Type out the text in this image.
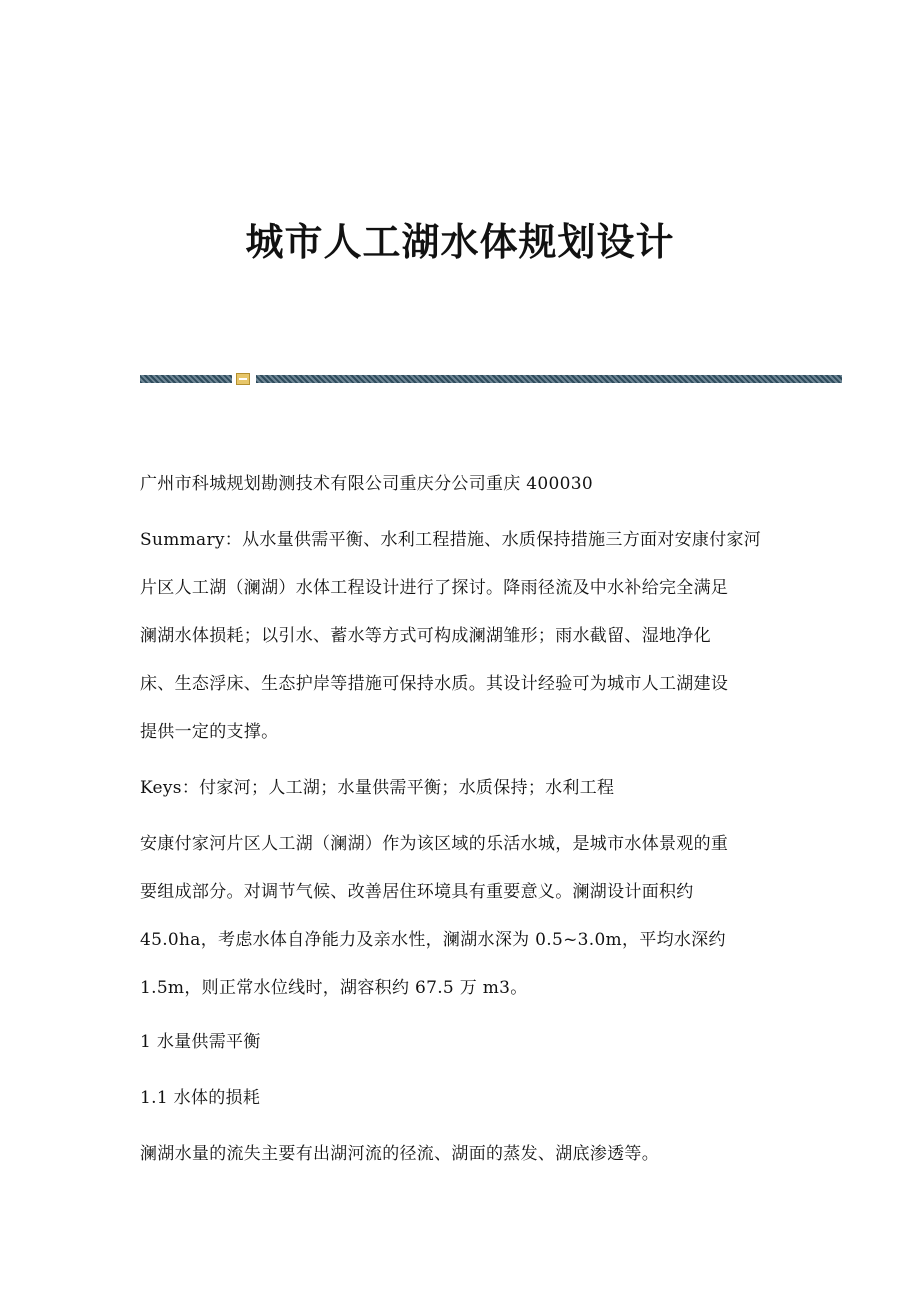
城市人工湖水体规划设计
广州市科城规划勘测技术有限公司重庆分公司重庆 400030
Summary：从水量供需平衡、水利工程措施、水质保持措施三方面对安康付家河
片区人工湖（澜湖）水体工程设计进行了探讨。降雨径流及中水补给完全满足
澜湖水体损耗；以引水、蓄水等方式可构成澜湖雏形；雨水截留、湿地净化
床、生态浮床、生态护岸等措施可保持水质。其设计经验可为城市人工湖建设
提供一定的支撑。
Keys：付家河；人工湖；水量供需平衡；水质保持；水利工程
安康付家河片区人工湖（澜湖）作为该区域的乐活水城，是城市水体景观的重
要组成部分。对调节气候、改善居住环境具有重要意义。澜湖设计面积约
45.0ha，考虑水体自净能力及亲水性，澜湖水深为 0.5~3.0m，平均水深约
1.5m，则正常水位线时，湖容积约 67.5 万 m3。
1 水量供需平衡
1.1 水体的损耗
澜湖水量的流失主要有出湖河流的径流、湖面的蒸发、湖底渗透等。
